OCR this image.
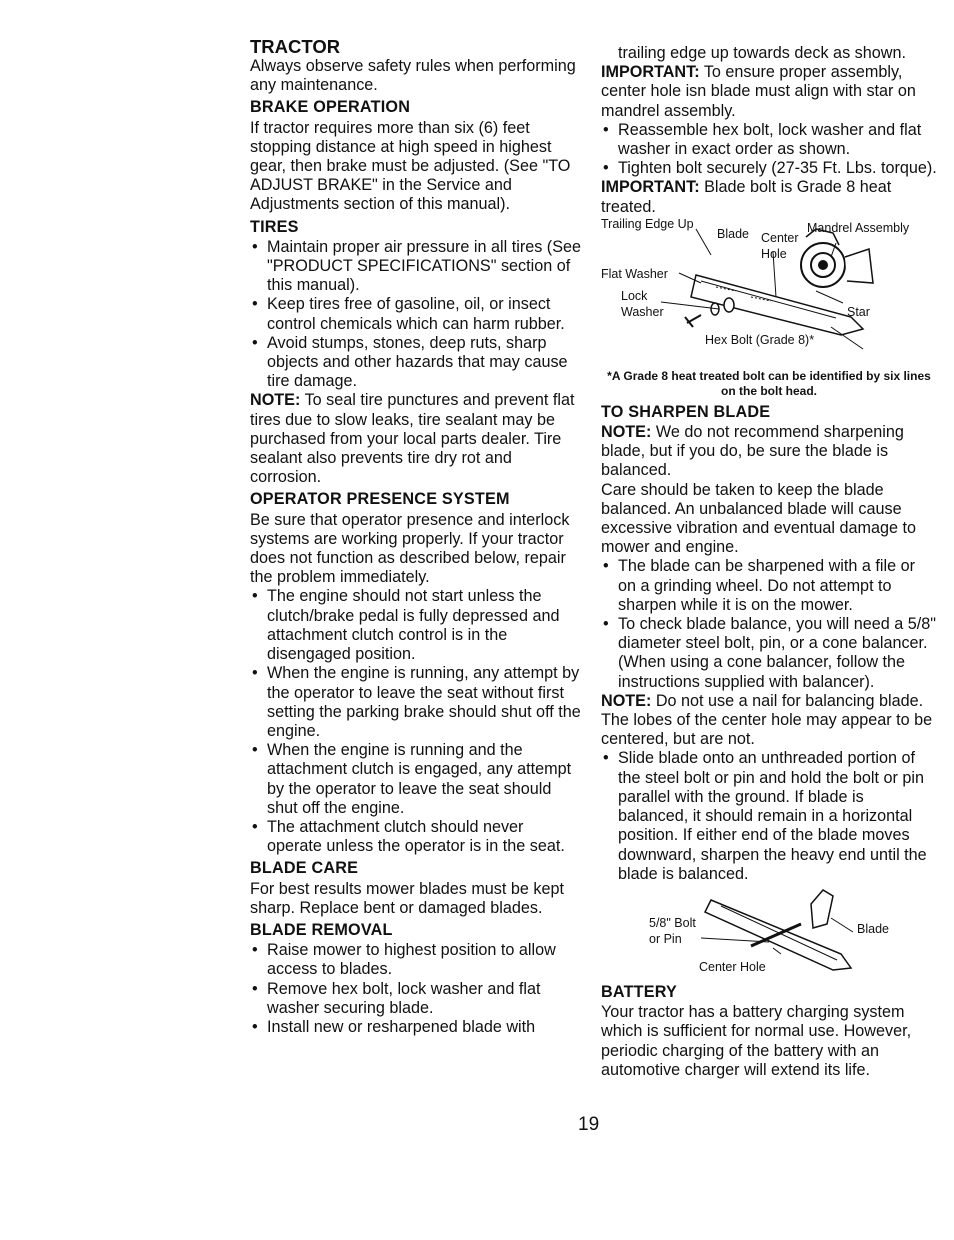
TRACTOR

Always observe safety rules when performing any maintenance.

BRAKE OPERATION

If tractor requires more than six (6) feet stopping distance at high speed in highest gear, then brake must be adjusted. (See "TO ADJUST BRAKE" in the Service and Adjustments section of this manual).

TIRES
• Maintain proper air pressure in all tires (See "PRODUCT SPECIFICATIONS" section of this manual).
• Keep tires free of gasoline, oil, or insect control chemicals which can harm rubber.
• Avoid stumps, stones, deep ruts, sharp objects and other hazards that may cause tire damage.

NOTE: To seal tire punctures and prevent flat tires due to slow leaks, tire sealant may be purchased from your local parts dealer. Tire sealant also prevents tire dry rot and corrosion.

OPERATOR PRESENCE SYSTEM

Be sure that operator presence and interlock systems are working properly. If your tractor does not function as described below, repair the problem immediately.

• The engine should not start unless the clutch/brake pedal is fully depressed and attachment clutch control is in the disengaged position.
• When the engine is running, any attempt by the operator to leave the seat without first setting the parking brake should shut off the engine.
• When the engine is running and the attachment clutch is engaged, any attempt by the operator to leave the seat should shut off the engine.
• The attachment clutch should never operate unless the operator is in the seat.
BLADE CARE

For best results mower blades must be kept sharp. Replace bent or damaged blades.

BLADE REMOVAL
• Raise mower to highest position to allow access to blades.
• Remove hex bolt, lock washer and flat washer securing blade.
• Install new or resharpened blade with

trailing edge up towards deck as shown.

IMPORTANT: To ensure proper assembly, center hole isn blade must align with star on mandrel assembly.

• Reassemble hex bolt, lock washer and flat washer in exact order as shown.
• Tighten bolt securely (27-35 Ft. Lbs. torque).

IMPORTANT: Blade bolt is Grade 8 heat treated.

Trailing Edge Up
Blade Center
Hole
Mandrel Assembly
Flat Washer
Lock
Washer	Star
Hex Bolt (Grade 8)*
*A Grade 8 heat treated bolt can be identified by six lines on the bolt head.
TO SHARPEN BLADE

NOTE: We do not recommend sharpening blade, but if you do, be sure the blade is balanced.

Care should be taken to keep the blade balanced. An unbalanced blade will cause excessive vibration and eventual damage to mower and engine.

• The blade can be sharpened with a file or on a grinding wheel. Do not attempt to sharpen while it is on the mower.
• To check blade balance, you will need a 5/8" diameter steel bolt, pin, or a cone balancer. (When using a cone balancer, follow the instructions supplied with balancer).

NOTE: Do not use a nail for balancing blade. The lobes of the center hole may appear to be centered, but are not.

• Slide blade onto an unthreaded portion of the steel bolt or pin and hold the bolt or pin parallel with the ground. If blade is balanced, it should remain in a horizontal position. If either end of the blade moves downward, sharpen the heavy end until the blade is balanced.
5/8" Bolt
or Pin
Blade
Center Hole
BATTERY

Your tractor has a battery charging system which is sufficient for normal use. However, periodic charging of the battery with an automotive charger will extend its life.

19
